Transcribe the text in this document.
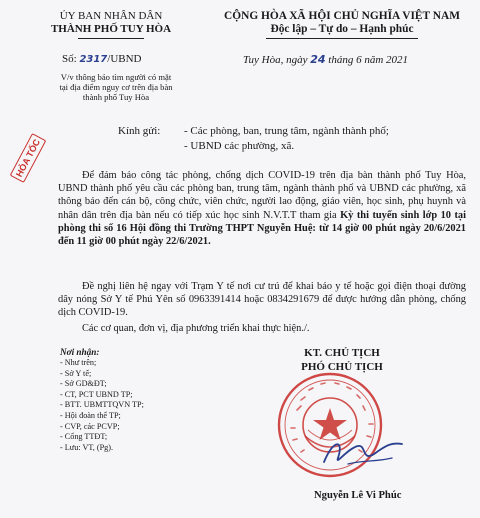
ỦY BAN NHÂN DÂN
THÀNH PHỐ TUY HÒA
CỘNG HÒA XÃ HỘI CHỦ NGHĨA VIỆT NAM
Độc lập – Tự do – Hạnh phúc
Số: 2317/UBND	Tuy Hòa, ngày 24 tháng 6 năm 2021
V/v thông báo tìm người có mặt
tại địa điểm nguy cơ trên địa bàn
thành phố Tuy Hòa
HỎA TỐC
Kính gửi: - Các phòng, ban, trung tâm, ngành thành phố;
- UBND các phường, xã.
Để đảm bảo công tác phòng, chống dịch COVID-19 trên địa bàn thành phố Tuy Hòa, UBND thành phố yêu cầu các phòng ban, trung tâm, ngành thành phố và UBND các phường, xã thông báo đến cán bộ, công chức, viên chức, người lao động, giáo viên, học sinh, phụ huynh và nhân dân trên địa bàn nếu có tiếp xúc học sinh N.V.T.T tham gia Kỳ thi tuyển sinh lớp 10 tại phòng thi số 16 Hội đồng thi Trường THPT Nguyễn Huệ: từ 14 giờ 00 phút ngày 20/6/2021 đến 11 giờ 00 phút ngày 22/6/2021.
Đề nghị liên hệ ngay với Trạm Y tế nơi cư trú để khai báo y tế hoặc gọi điện thoại đường dây nóng Sở Y tế Phú Yên số 0963391414 hoặc 0834291679 để được hướng dẫn phòng, chống dịch COVID-19.
Các cơ quan, đơn vị, địa phương triển khai thực hiện./.
Nơi nhận:
- Như trên;
- Sở Y tế;
- Sở GD&ĐT;
- CT, PCT UBND TP;
- BTT. UBMTTQVN TP;
- Hội đoàn thể TP;
- CVP, các PCVP;
- Cổng TTĐT;
- Lưu: VT, (Pg).
KT. CHỦ TỊCH
PHÓ CHỦ TỊCH
Nguyễn Lê Vi Phúc
